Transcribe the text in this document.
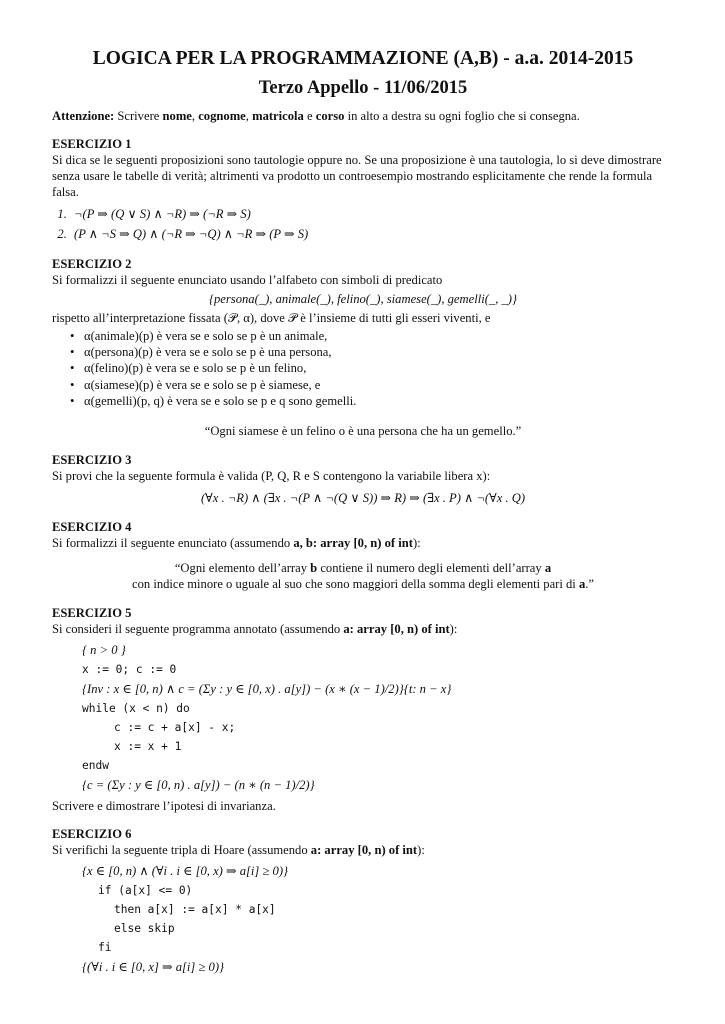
LOGICA PER LA PROGRAMMAZIONE (A,B) - a.a. 2014-2015
Terzo Appello - 11/06/2015
Attenzione: Scrivere nome, cognome, matricola e corso in alto a destra su ogni foglio che si consegna.
ESERCIZIO 1

Si dica se le seguenti proposizioni sono tautologie oppure no. Se una proposizione è una tautologia, lo si deve dimostrare senza usare le tabelle di verità; altrimenti va prodotto un controesempio mostrando esplicitamente che rende la formula falsa.

1. ¬(P ⇒ (Q ∨ S) ∧ ¬R) ⇒ (¬R ⇒ S)
2. (P ∧ ¬S ⇒ Q) ∧ (¬R ⇒ ¬Q) ∧ ¬R ⇒ (P ⇒ S)
ESERCIZIO 2

Si formalizzi il seguente enunciato usando l’alfabeto con simboli di predicato

{persona(_), animale(_), felino(_), siamese(_), gemelli(_, _)}

rispetto all’interpretazione fissata (𝒫, α), dove 𝒫 è l’insieme di tutti gli esseri viventi, e

• α(animale)(p) è vera se e solo se p è un animale,
• α(persona)(p) è vera se e solo se p è una persona,
• α(felino)(p) è vera se e solo se p è un felino,
• α(siamese)(p) è vera se e solo se p è siamese, e
• α(gemelli)(p, q) è vera se e solo se p e q sono gemelli.
“Ogni siamese è un felino o è una persona che ha un gemello.”
ESERCIZIO 3

Si provi che la seguente formula è valida (P, Q, R e S contengono la variabile libera x):

(∀x . ¬R) ∧ (∃x . ¬(P ∧ ¬(Q ∨ S)) ⇒ R) ⇒ (∃x . P) ∧ ¬(∀x . Q)
ESERCIZIO 4

Si formalizzi il seguente enunciato (assumendo a, b: array [0, n) of int):

“Ogni elemento dell’array b contiene il numero degli elementi dell’array a
con indice minore o uguale al suo che sono maggiori della somma degli elementi pari di a.”
ESERCIZIO 5

Si consideri il seguente programma annotato (assumendo a: array [0, n) of int):

{ n > 0 }
x := 0; c := 0
{Inv : x ∈ [0, n) ∧ c = (Σy : y ∈ [0, x) . a[y]) − (x ∗ (x − 1)/2)}{t: n − x}
while (x < n) do
c := c + a[x] - x;
x := x + 1
endw
{c = (Σy : y ∈ [0, n) . a[y]) − (n ∗ (n − 1)/2)}

Scrivere e dimostrare l’ipotesi di invarianza.

ESERCIZIO 6

Si verifichi la seguente tripla di Hoare (assumendo a: array [0, n) of int):

{x ∈ [0, n) ∧ (∀i . i ∈ [0, x) ⇒ a[i] ≥ 0)}
if (a[x] <= 0)
then a[x] := a[x] * a[x]
else skip
fi
{(∀i . i ∈ [0, x] ⇒ a[i] ≥ 0)}
